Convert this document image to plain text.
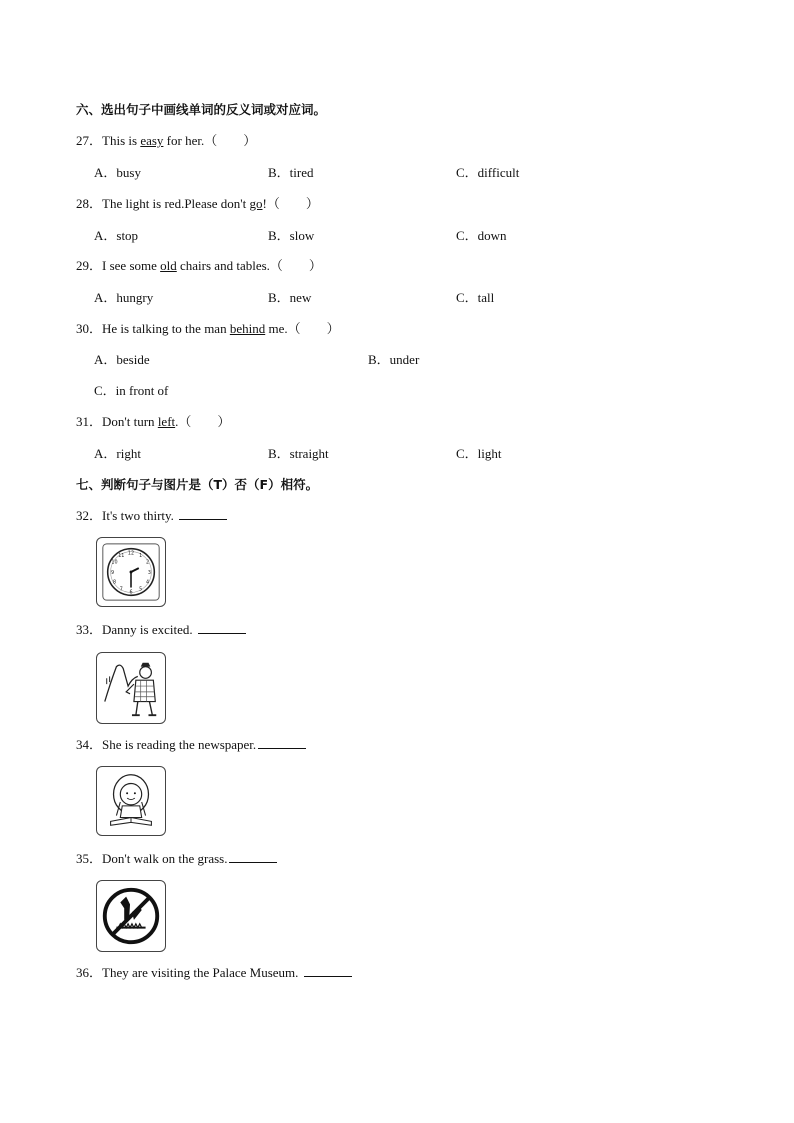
六、选出句子中画线单词的反义词或对应词。
27．This is easy for her.（　　）
A．busy	B．tired	C．difficult
28．The light is red.Please don't go!（　　）
A．stop	B．slow	C．down
29．I see some old chairs and tables.（　　）
A．hungry	B．new	C．tall
30．He is talking to the man behind me.（　　）
A．beside	B．under
C．in front of
31．Don't turn left.（　　）
A．right	B．straight	C．light
七、判断句子与图片是（T）否（F）相符。
32．It's two thirty.
12 1
2
3
4
5
6
7
8
9
10
11
33．Danny is excited.
34．She is reading the newspaper.
35．Don't walk on the grass.
36．They are visiting the Palace Museum.
